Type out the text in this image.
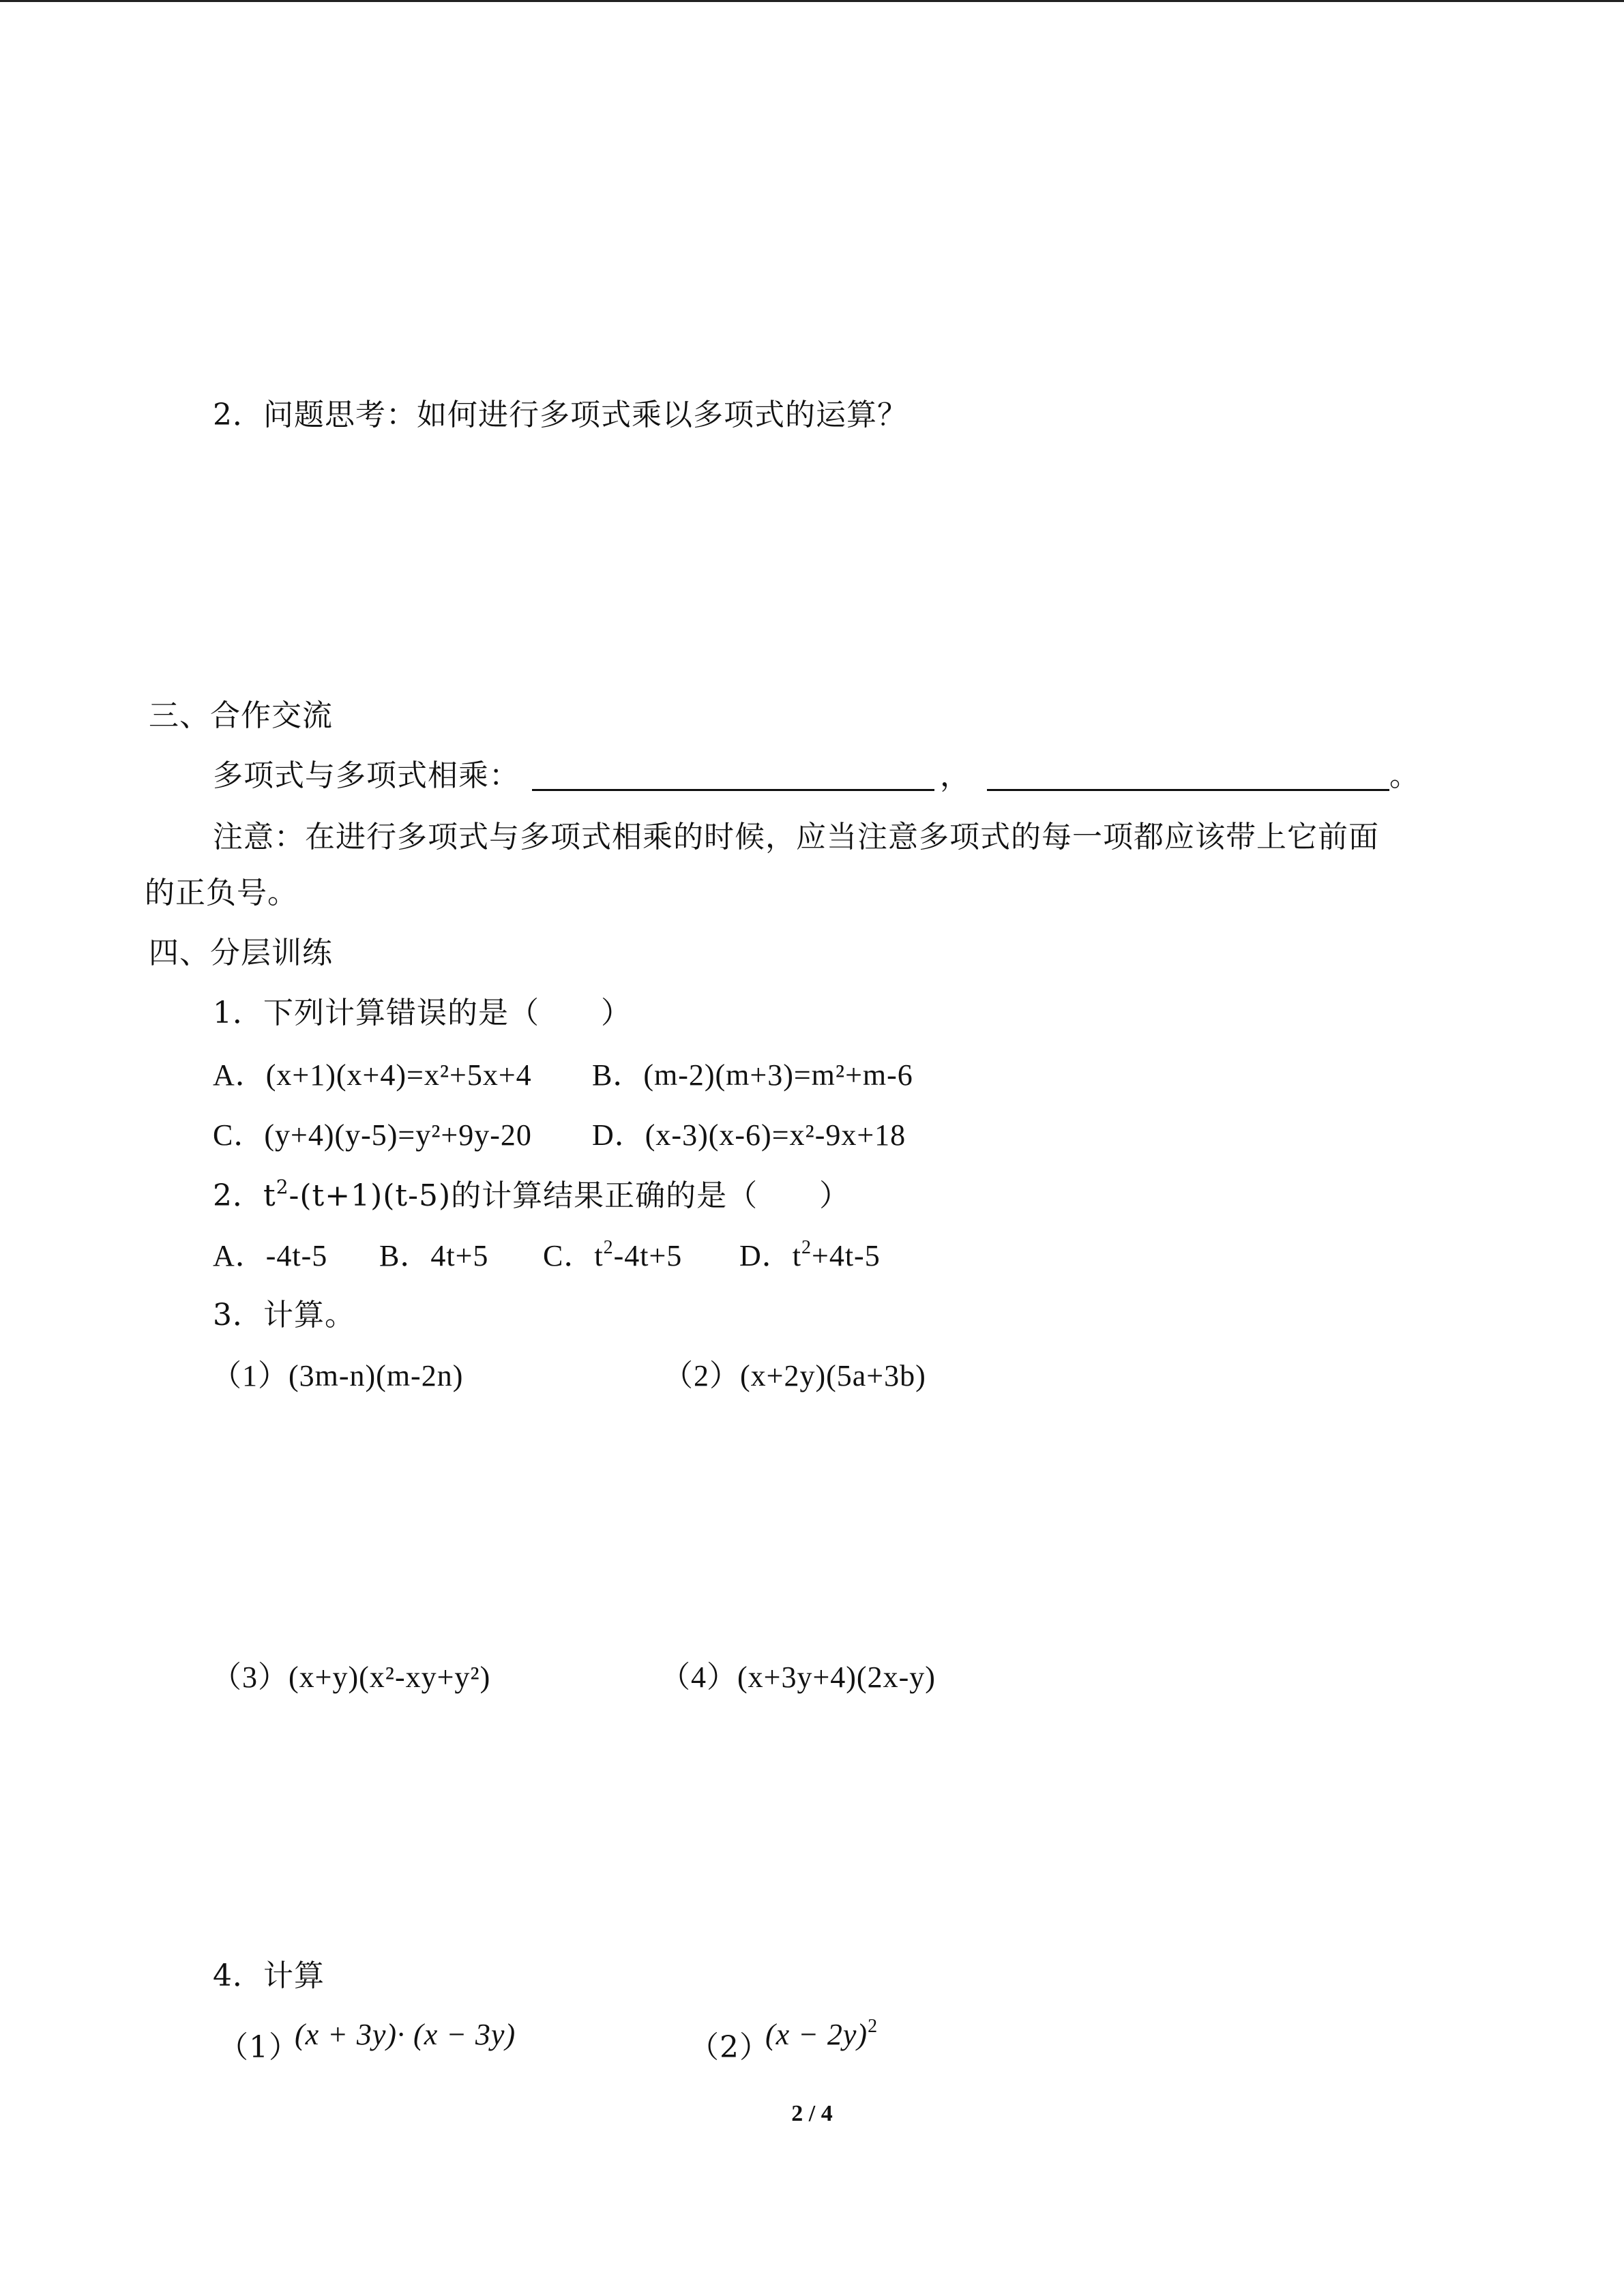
2．问题思考：如何进行多项式乘以多项式的运算？
三、合作交流
多项式与多项式相乘：	，	。
注意：在进行多项式与多项式相乘的时候，应当注意多项式的每一项都应该带上它前面
的正负号。
四、分层训练
1．下列计算错误的是（ ）
A．(x+1)(x+4)=x²+5x+4 B．(m-2)(m+3)=m²+m-6
C．(y+4)(y-5)=y²+9y-20 D．(x-3)(x-6)=x²-9x+18
2．$t^2-(t+1)(t-5)$的计算结果正确的是（ ）
A．-4t-5 B．4t+5 C．$t^2-4t+5$ D．$t^2+4t-5$
3．计算。
（1）(3m-n)(m-2n)	（2）(x+2y)(5a+3b)
（3）(x+y)(x²-xy+y²)	（4）(x+3y+4)(2x-y)
4．计算
（1）
(x + 3y)· (x − 3y)	（2）
$(x - 2y)^2$
2 / 4
